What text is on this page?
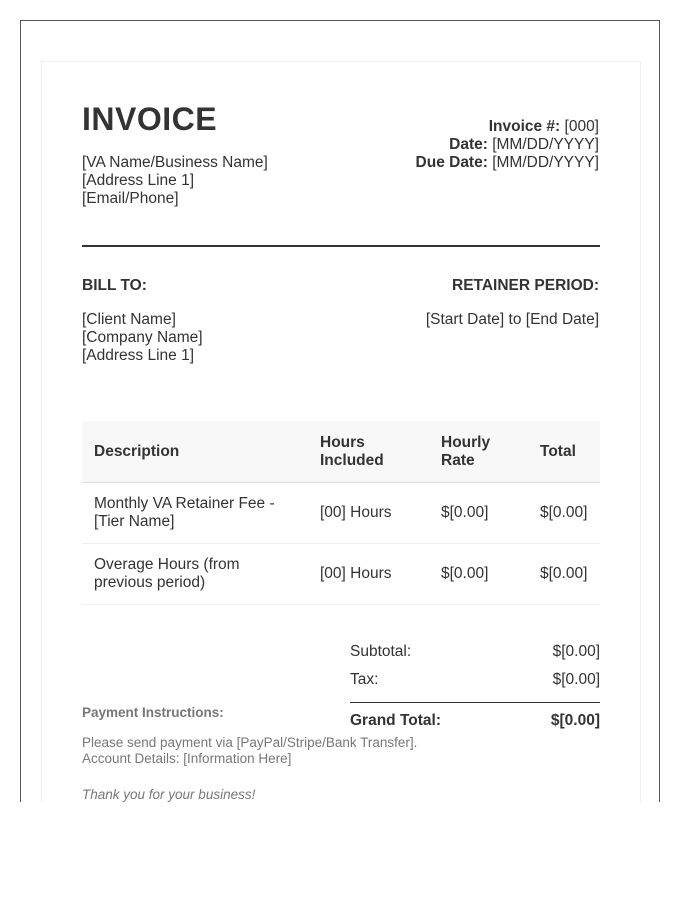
INVOICE
[VA Name/Business Name]
[Address Line 1]
[Email/Phone]
Invoice #: [000]
Date: [MM/DD/YYYY]
Due Date: [MM/DD/YYYY]
BILL TO:	RETAINER PERIOD:
[Client Name]
[Company Name]
[Address Line 1]
[Start Date] to [End Date]
Description	Hours Included	Hourly Rate	Total
Monthly VA Retainer Fee - [Tier Name]	[00] Hours	$[0.00]	$[0.00]
Overage Hours (from previous period)	[00] Hours	$[0.00]	$[0.00]
Subtotal:	$[0.00]
Tax:	$[0.00]
Grand Total:	$[0.00]
Payment Instructions:
Please send payment via [PayPal/Stripe/Bank Transfer].
Account Details: [Information Here]
Thank you for your business!
